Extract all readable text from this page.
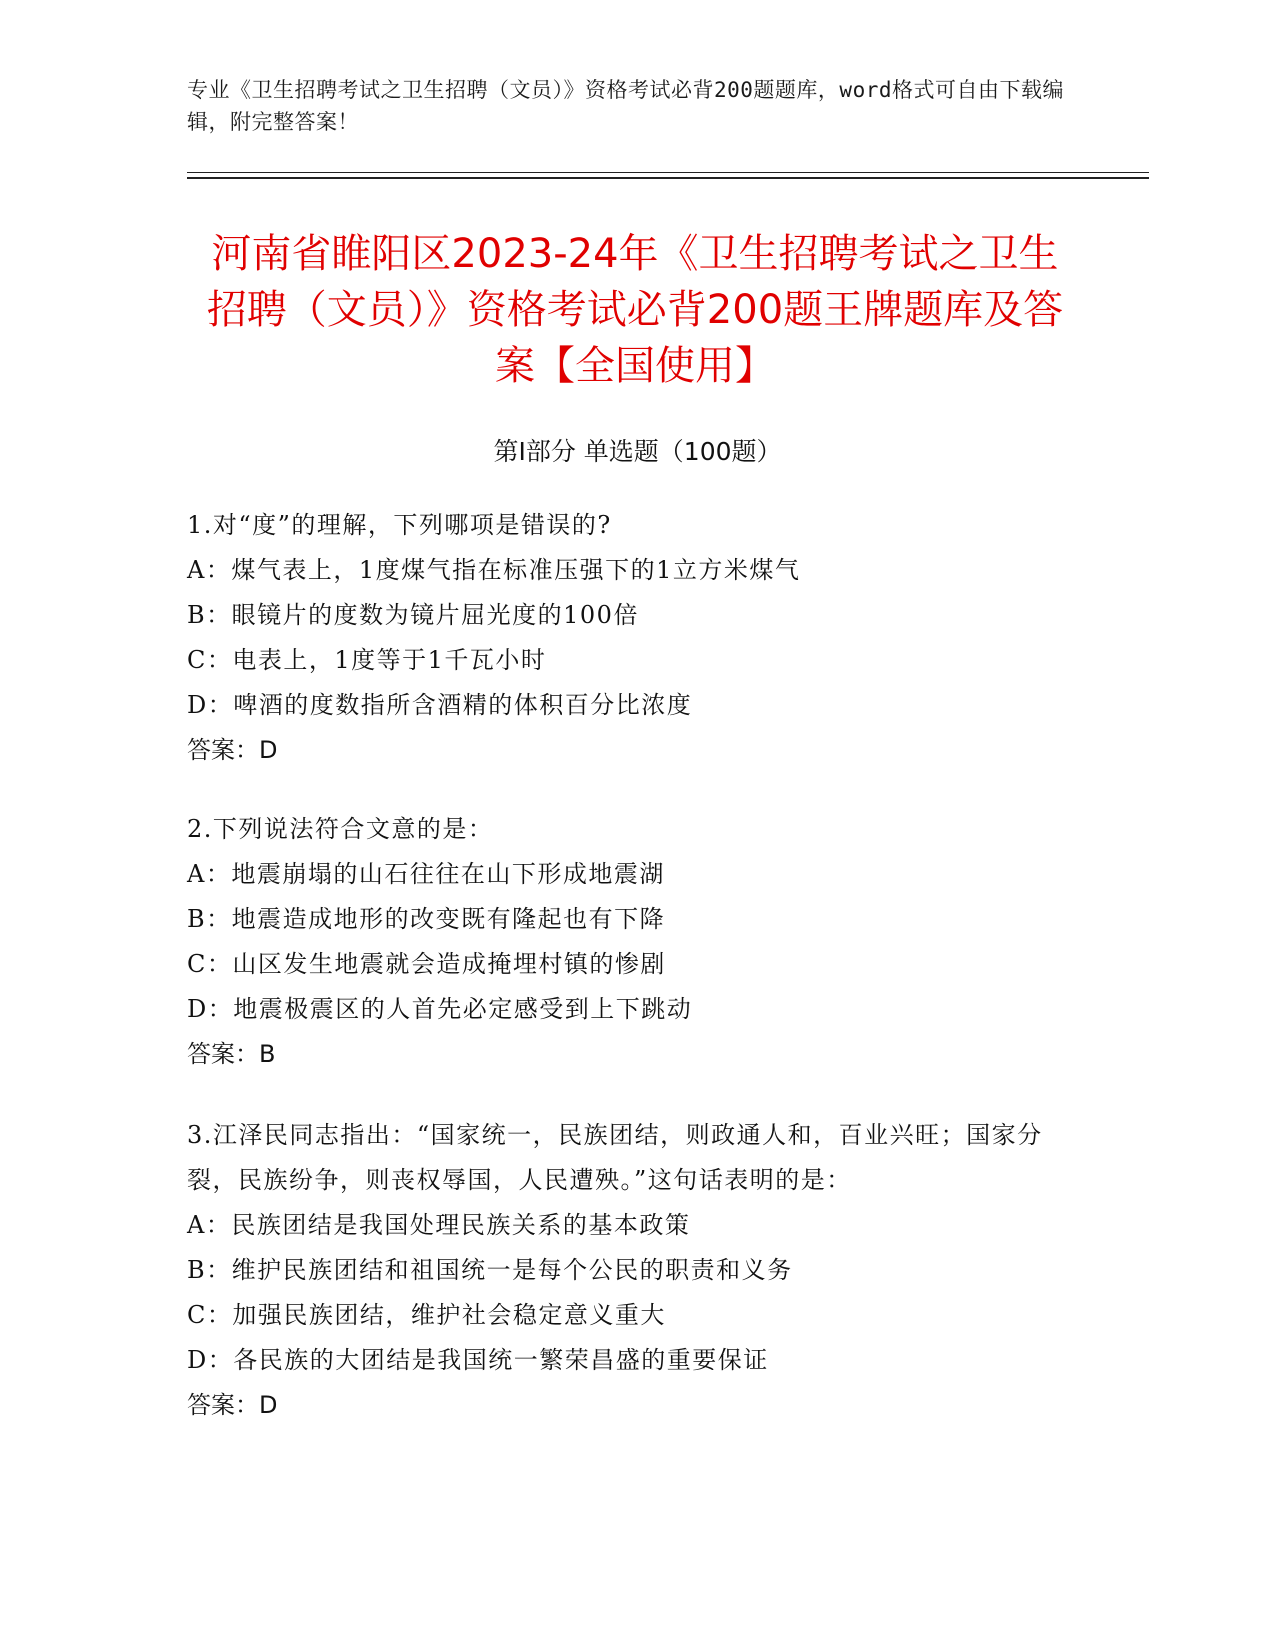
专业《卫生招聘考试之卫生招聘（文员）》资格考试必背200题题库，word格式可自由下载编辑，附完整答案！
河南省睢阳区2023-24年《卫生招聘考试之卫生招聘（文员）》资格考试必背200题王牌题库及答案【全国使用】
第I部分 单选题（100题）
1.对“度”的理解，下列哪项是错误的?
A：煤气表上，1度煤气指在标准压强下的1立方米煤气
B：眼镜片的度数为镜片屈光度的100倍
C：电表上，1度等于1千瓦小时
D：啤酒的度数指所含酒精的体积百分比浓度
答案：D
2.下列说法符合文意的是：
A：地震崩塌的山石往往在山下形成地震湖
B：地震造成地形的改变既有隆起也有下降
C：山区发生地震就会造成掩埋村镇的惨剧
D：地震极震区的人首先必定感受到上下跳动
答案：B
3.江泽民同志指出：“国家统一，民族团结，则政通人和，百业兴旺；国家分裂，民族纷争，则丧权辱国，人民遭殃。”这句话表明的是：
A：民族团结是我国处理民族关系的基本政策
B：维护民族团结和祖国统一是每个公民的职责和义务
C：加强民族团结，维护社会稳定意义重大
D：各民族的大团结是我国统一繁荣昌盛的重要保证
答案：D
